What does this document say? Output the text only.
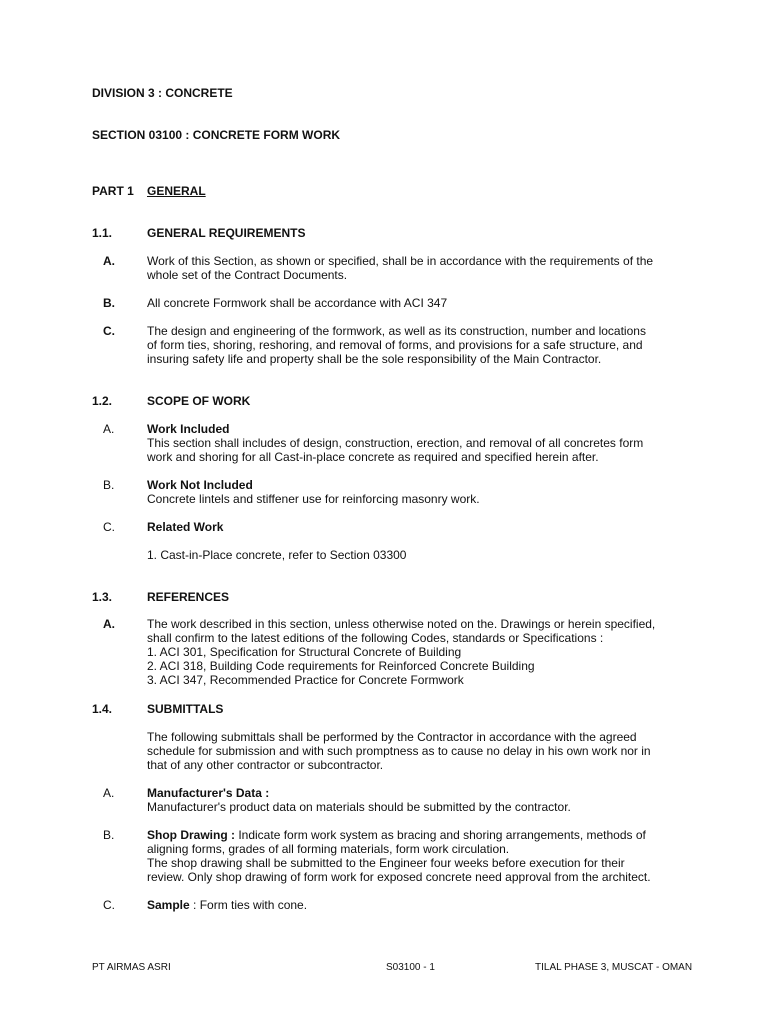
DIVISION 3 : CONCRETE
SECTION 03100 : CONCRETE FORM WORK
PART 1 GENERAL
1.1.	GENERAL REQUIREMENTS
A.	Work of this Section, as shown or specified, shall be in accordance with the requirements of the
whole set of the Contract Documents.
B.	All concrete Formwork shall be accordance with ACI 347
C.	The design and engineering of the formwork, as well as its construction, number and locations
of form ties, shoring, reshoring, and removal of forms, and provisions for a safe structure, and
insuring safety life and property shall be the sole responsibility of the Main Contractor.
1.2.	SCOPE OF WORK
A.	Work Included
This section shall includes of design, construction, erection, and removal of all concretes form
work and shoring for all Cast-in-place concrete as required and specified herein after.
B.	Work Not Included
Concrete lintels and stiffener use for reinforcing masonry work.
C.	Related Work
1. Cast-in-Place concrete, refer to Section 03300
1.3.	REFERENCES
A.	The work described in this section, unless otherwise noted on the. Drawings or herein specified,
shall confirm to the latest editions of the following Codes, standards or Specifications :
1. ACI 301, Specification for Structural Concrete of Building
2. ACI 318, Building Code requirements for Reinforced Concrete Building
3. ACI 347, Recommended Practice for Concrete Formwork
1.4.	SUBMITTALS
The following submittals shall be performed by the Contractor in accordance with the agreed
schedule for submission and with such promptness as to cause no delay in his own work nor in
that of any other contractor or subcontractor.
A.	Manufacturer's Data :
Manufacturer's product data on materials should be submitted by the contractor.
B.	Shop Drawing : Indicate form work system as bracing and shoring arrangements, methods of
aligning forms, grades of all forming materials, form work circulation.
The shop drawing shall be submitted to the Engineer four weeks before execution for their
review. Only shop drawing of form work for exposed concrete need approval from the architect.
C.	Sample : Form ties with cone.
PT AIRMAS ASRI	S03100 - 1	TILAL PHASE 3, MUSCAT - OMAN
